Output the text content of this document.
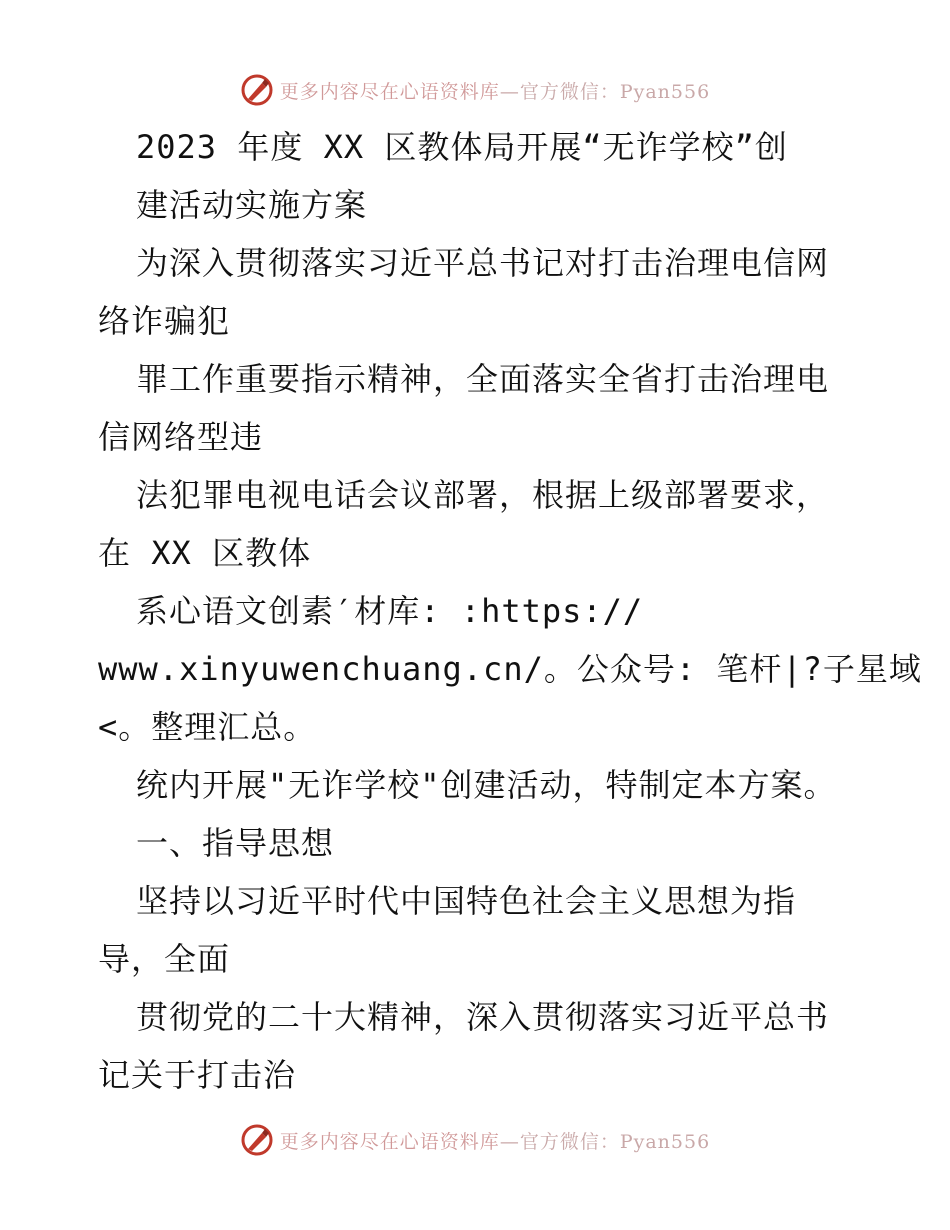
更多内容尽在心语资料库—官方微信：Pyan556
2023 年度 XX 区教体局开展“无诈学校”创
建活动实施方案
为深入贯彻落实习近平总书记对打击治理电信网
络诈骗犯
罪工作重要指示精神，全面落实全省打击治理电
信网络型违
法犯罪电视电话会议部署，根据上级部署要求，
在 XX 区教体
系心语文创素′材库: :https://
www.xinyuwenchuang.cn/。公众号: 笔杆|?子星域
<。整理汇总。
统内开展"无诈学校"创建活动，特制定本方案。
一、指导思想
坚持以习近平时代中国特色社会主义思想为指
导，全面
贯彻党的二十大精神，深入贯彻落实习近平总书
记关于打击治
更多内容尽在心语资料库—官方微信：Pyan556
